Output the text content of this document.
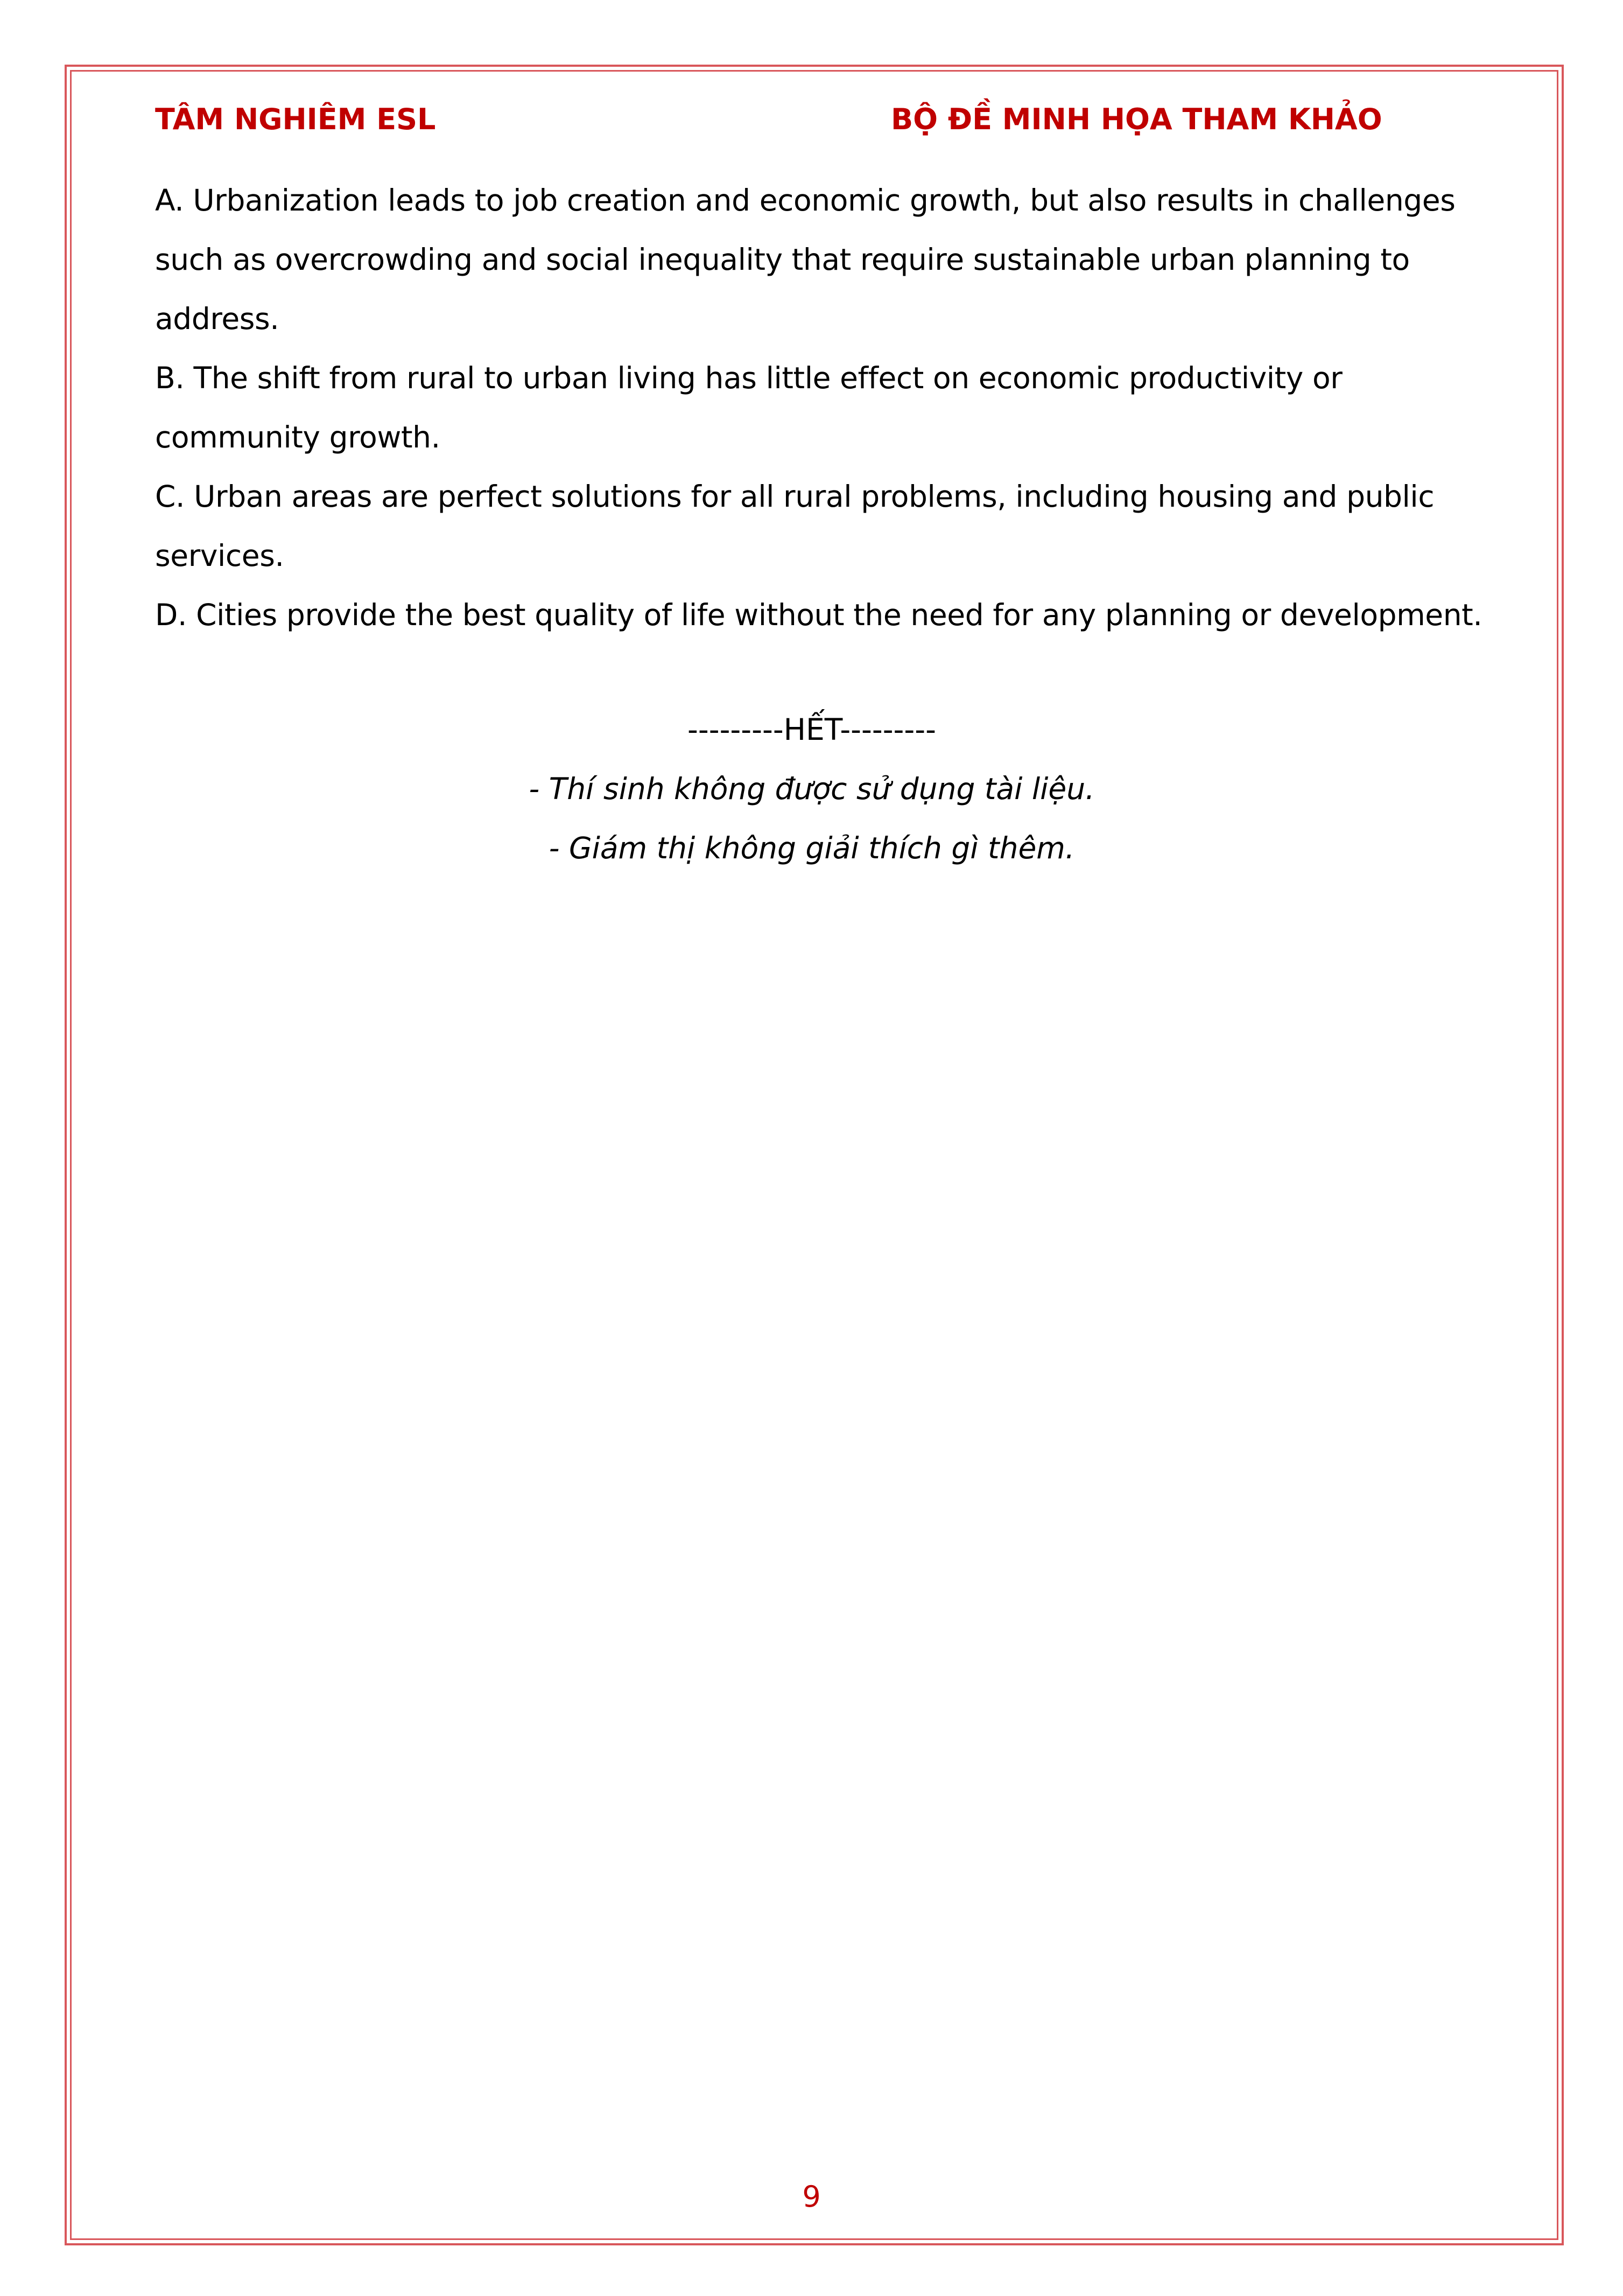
TÂM NGHIÊM ESL	BỘ ĐỀ MINH HỌA THAM KHẢO

A. Urbanization leads to job creation and economic growth, but also results in challenges such as overcrowding and social inequality that require sustainable urban planning to address.

B. The shift from rural to urban living has little effect on economic productivity or community growth.

C. Urban areas are perfect solutions for all rural problems, including housing and public services.

D. Cities provide the best quality of life without the need for any planning or development.

---------HẾT---------

- Thí sinh không được sử dụng tài liệu.

- Giám thị không giải thích gì thêm.

9
